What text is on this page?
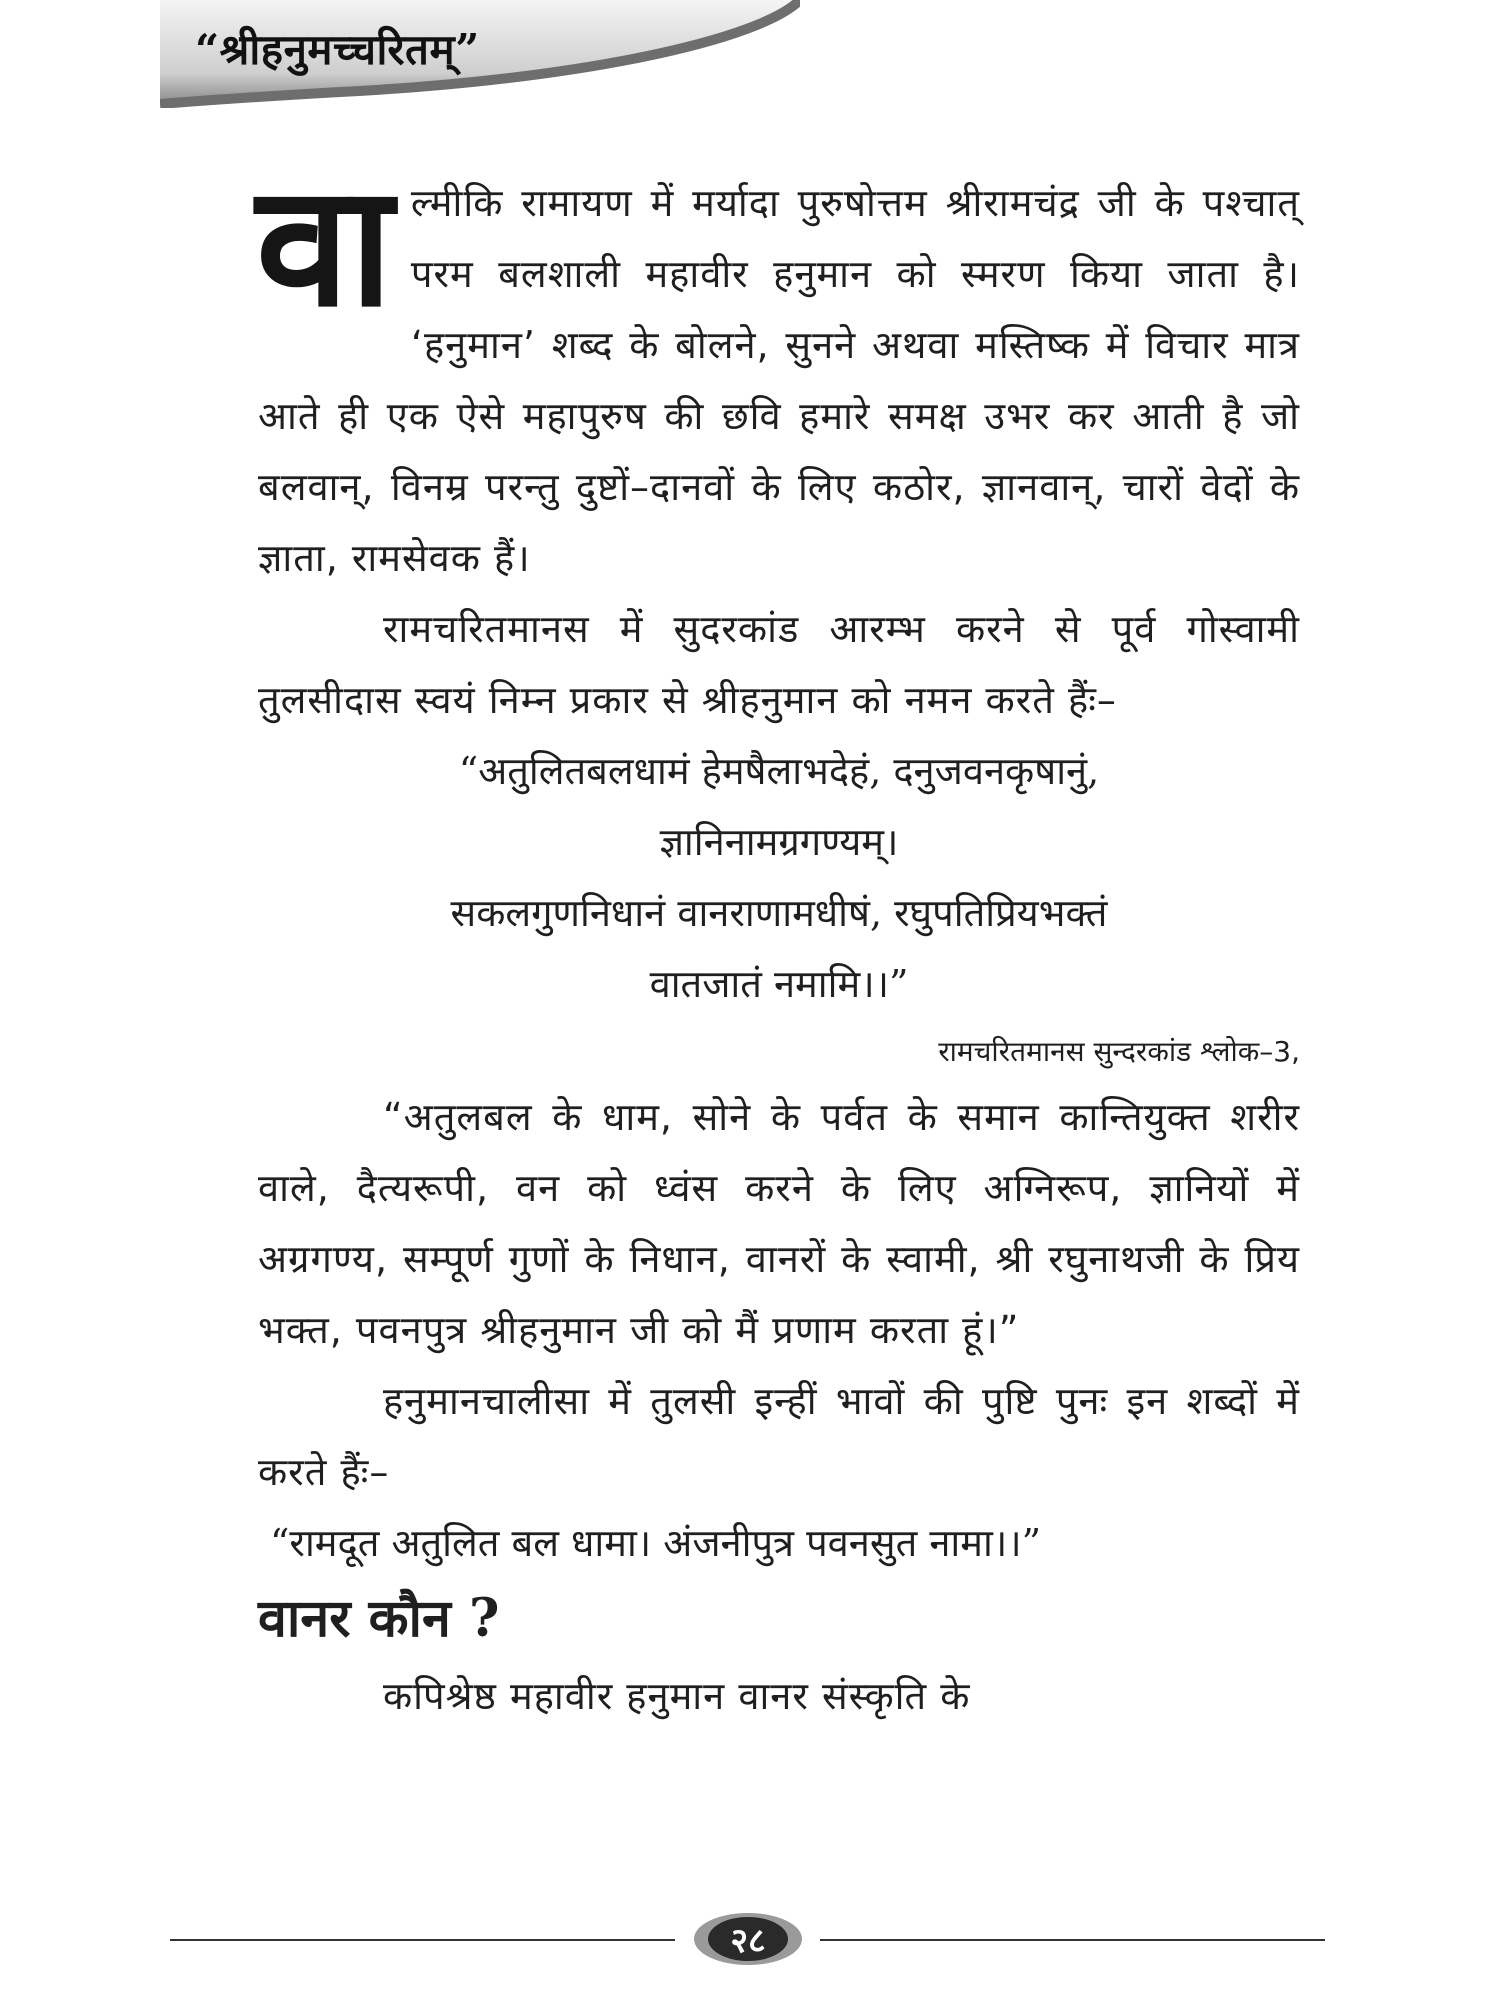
“श्रीहनुमच्चरितम्”
वा ल्मीकि रामायण में मर्यादा पुरुषोत्तम श्रीरामचंद्र जी के पश्चात् परम बलशाली महावीर हनुमान को स्मरण किया जाता है। ‘हनुमान’ शब्द के बोलने, सुनने अथवा मस्तिष्क में विचार मात्र आते ही एक ऐसे महापुरुष की छवि हमारे समक्ष उभर कर आती है जो बलवान्, विनम्र परन्तु दुष्टों–दानवों के लिए कठोर, ज्ञानवान्, चारों वेदों के ज्ञाता, रामसेवक हैं।

रामचरितमानस में सुदरकांड आरम्भ करने से पूर्व गोस्वामी तुलसीदास स्वयं निम्न प्रकार से श्रीहनुमान को नमन करते हैंः–

“अतुलितबलधामं हेमषैलाभदेहं, दनुजवनकृषानुं,
ज्ञानिनामग्रगण्यम्।
सकलगुणनिधानं वानराणामधीषं, रघुपतिप्रियभक्तं
वातजातं नमामि।।”
रामचरितमानस सुन्दरकांड श्लोक–3,

“अतुलबल के धाम, सोने के पर्वत के समान कान्तियुक्त शरीर वाले, दैत्यरूपी, वन को ध्वंस करने के लिए अग्निरूप, ज्ञानियों में अग्रगण्य, सम्पूर्ण गुणों के निधान, वानरों के स्वामी, श्री रघुनाथजी के प्रिय भक्त, पवनपुत्र श्रीहनुमान जी को मैं प्रणाम करता हूं।”

हनुमानचालीसा में तुलसी इन्हीं भावों की पुष्टि पुनः इन शब्दों में करते हैंः–

“रामदूत अतुलित बल धामा। अंजनीपुत्र पवनसुत नामा।।”
वानर कौन ?

कपिश्रेष्ठ महावीर हनुमान वानर संस्कृति के

२८
